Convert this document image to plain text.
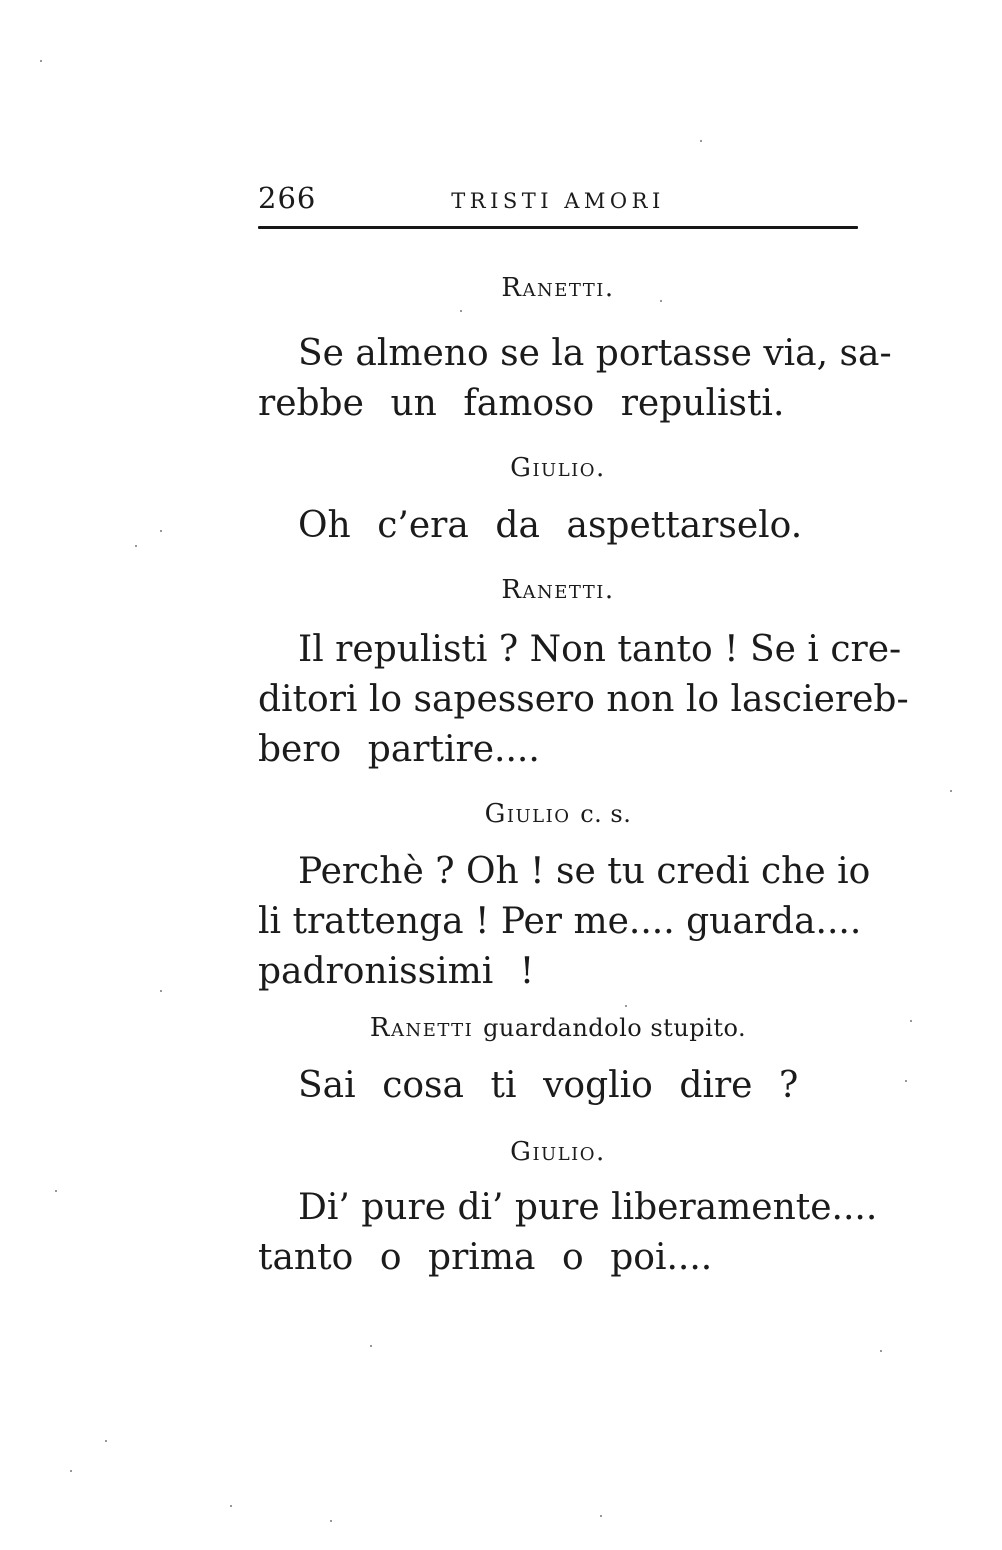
266	TRISTI AMORI
Ranetti.
Se almeno se la portasse via, sa-
rebbe un famoso repulisti.
Giulio.
Oh c’era da aspettarselo.
Ranetti.
Il repulisti ? Non tanto ! Se i cre-
ditori lo sapessero non lo lasciereb-
bero partire....
Giulio c. s.
Perchè ? Oh ! se tu credi che io
li trattenga ! Per me.... guarda....
padronissimi !
Ranetti guardandolo stupito.
Sai cosa ti voglio dire ?
Giulio.
Di’ pure di’ pure liberamente....
tanto o prima o poi....
